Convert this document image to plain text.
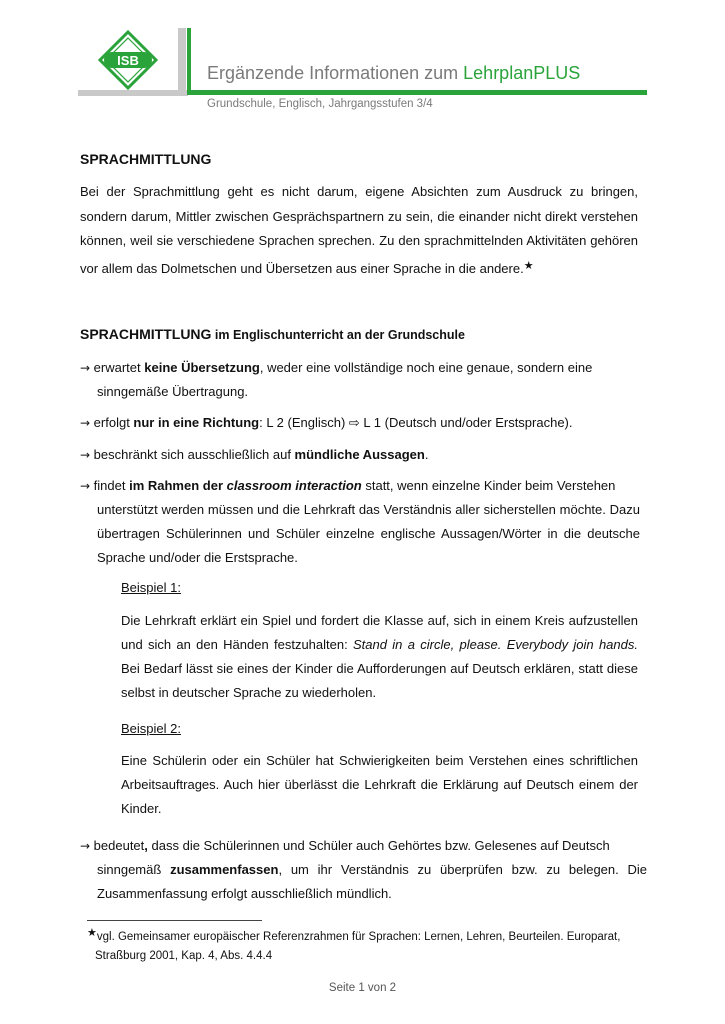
ISB
Ergänzende Informationen zum LehrplanPLUS
Grundschule, Englisch, Jahrgangsstufen 3/4
SPRACHMITTLUNG

Bei der Sprachmittlung geht es nicht darum, eigene Absichten zum Ausdruck zu bringen, sondern darum, Mittler zwischen Gesprächspartnern zu sein, die einander nicht direkt verstehen können, weil sie verschiedene Sprachen sprechen. Zu den sprachmittelnden Aktivitäten gehören vor allem das Dolmetschen und Übersetzen aus einer Sprache in die andere.★

SPRACHMITTLUNG im Englischunterricht an der Grundschule
→ erwartet keine Übersetzung, weder eine vollständige noch eine genaue, sondern eine
sinngemäße Übertragung.
→ erfolgt nur in eine Richtung: L 2 (Englisch) ⇨ L 1 (Deutsch und/oder Erstsprache).
→ beschränkt sich ausschließlich auf mündliche Aussagen.
→ findet im Rahmen der classroom interaction statt, wenn einzelne Kinder beim Verstehen
unterstützt werden müssen und die Lehrkraft das Verständnis aller sicherstellen möchte. Dazu übertragen Schülerinnen und Schüler einzelne englische Aussagen/Wörter in die deutsche Sprache und/oder die Erstsprache.
Beispiel 1:

Die Lehrkraft erklärt ein Spiel und fordert die Klasse auf, sich in einem Kreis aufzustellen und sich an den Händen festzuhalten: Stand in a circle, please. Everybody join hands. Bei Bedarf lässt sie eines der Kinder die Aufforderungen auf Deutsch erklären, statt diese selbst in deutscher Sprache zu wiederholen.

Beispiel 2:

Eine Schülerin oder ein Schüler hat Schwierigkeiten beim Verstehen eines schriftlichen Arbeitsauftrages. Auch hier überlässt die Lehrkraft die Erklärung auf Deutsch einem der Kinder.

→ bedeutet, dass die Schülerinnen und Schüler auch Gehörtes bzw. Gelesenes auf Deutsch
sinngemäß zusammenfassen, um ihr Verständnis zu überprüfen bzw. zu belegen. Die Zusammenfassung erfolgt ausschließlich mündlich.
★vgl. Gemeinsamer europäischer Referenzrahmen für Sprachen: Lernen, Lehren, Beurteilen. Europarat,
Straßburg 2001, Kap. 4, Abs. 4.4.4
Seite 1 von 2
